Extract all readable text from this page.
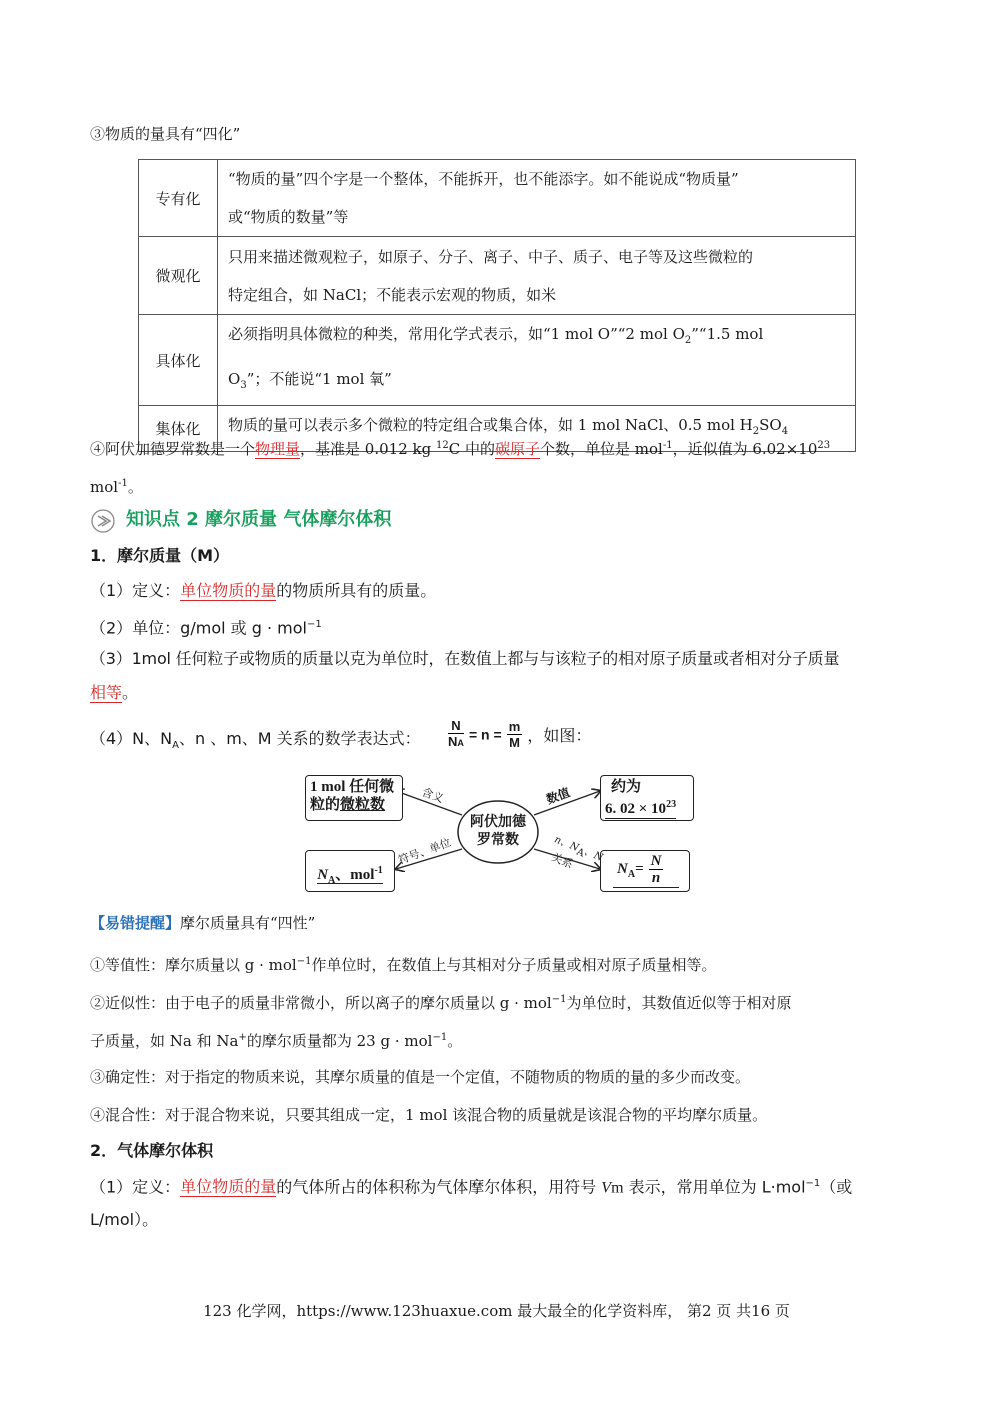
③物质的量具有“四化”
专有化	“物质的量”四个字是一个整体，不能拆开，也不能添字。如不能说成“物质量”
或“物质的数量”等

微观化	只用来描述微观粒子，如原子、分子、离子、中子、质子、电子等及这些微粒的
特定组合，如 NaCl；不能表示宏观的物质，如米

具体化	必须指明具体微粒的种类，常用化学式表示，如“1 mol O”“2 mol $O_2”“1.5$ mol
$O_3$”；不能说“1 mol 氧”

集体化	物质的量可以表示多个微粒的特定组合或集合体，如 1 mol NaCl、0.5 mol $H_2SO_4$
④阿伏加德罗常数是一个物理量，基准是 0.012 kg $^{12}$C 中的碳原子个数，单位是 mol$^{-1}$，近似值为 $6.02\times 10^{23}$
mol$^{-1}$。
知识点 2 摩尔质量 气体摩尔体积
1．摩尔质量（M）
（1）定义：单位物质的量的物质所具有的质量。
（2）单位：g/mol 或 g · mol$^{-1}$
（3）1mol 任何粒子或物质的质量以克为单位时，在数值上都与与该粒子的相对原子质量或者相对分子质量
相等。
（4）N、$N_A$、n 、m、M 关系的数学表达式： $\frac{N}{NA} = n = \frac{m}{M}$ ，如图：
阿伏加德
罗常数
1 mol 任何微
粒的微粒数
约为
6. $02 \times 10^{23}$
$N_A$、mol$^{-1}$	$N_A= N$
n
含义	数值
符号、单位	n、$N_A$、N
关系
【易错提醒】摩尔质量具有“四性”
①等值性：摩尔质量以 g · mol$^{-1}$作单位时，在数值上与其相对分子质量或相对原子质量相等。
②近似性：由于电子的质量非常微小，所以离子的摩尔质量以 g · mol$^{-1}$为单位时，其数值近似等于相对原
子质量，如 Na 和 Na+的摩尔质量都为 23 g · mol$^{-1}$。
③确定性：对于指定的物质来说，其摩尔质量的值是一个定值，不随物质的物质的量的多少而改变。
④混合性：对于混合物来说，只要其组成一定，1 mol 该混合物的质量就是该混合物的平均摩尔质量。
2．气体摩尔体积
（1）定义：单位物质的量的气体所占的体积称为气体摩尔体积，用符号 Vm 表示，常用单位为 L·mol$^{-1}$（或
L/mol）。
123 化学网，https://www.123huaxue.com 最大最全的化学资料库， 第2 页 共16 页
